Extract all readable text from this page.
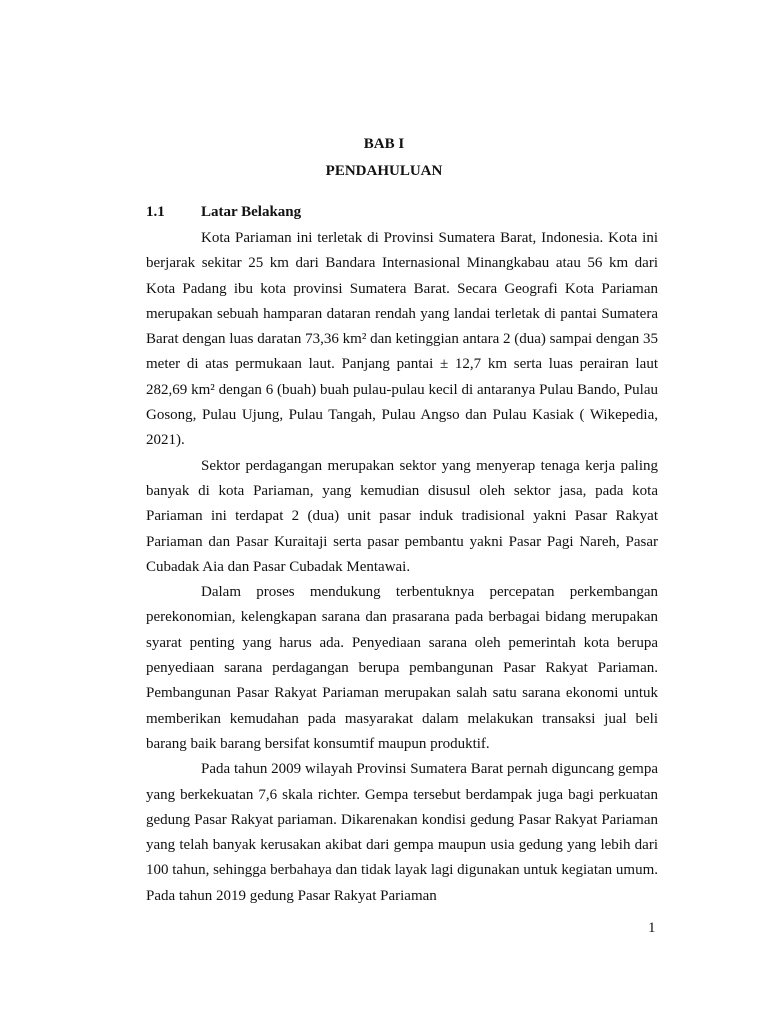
BAB I
PENDAHULUAN
1.1	Latar Belakang

Kota Pariaman ini terletak di Provinsi Sumatera Barat, Indonesia. Kota ini berjarak sekitar 25 km dari Bandara Internasional Minangkabau atau 56 km dari Kota Padang ibu kota provinsi Sumatera Barat. Secara Geografi Kota Pariaman merupakan sebuah hamparan dataran rendah yang landai terletak di pantai Sumatera Barat dengan luas daratan 73,36 km² dan ketinggian antara 2 (dua) sampai dengan 35 meter di atas permukaan laut. Panjang pantai ± 12,7 km serta luas perairan laut 282,69 km² dengan 6 (buah) buah pulau-pulau kecil di antaranya Pulau Bando, Pulau Gosong, Pulau Ujung, Pulau Tangah, Pulau Angso dan Pulau Kasiak ( Wikepedia, 2021).

Sektor perdagangan merupakan sektor yang menyerap tenaga kerja paling banyak di kota Pariaman, yang kemudian disusul oleh sektor jasa, pada kota Pariaman ini terdapat 2 (dua) unit pasar induk tradisional yakni Pasar Rakyat Pariaman dan Pasar Kuraitaji serta pasar pembantu yakni Pasar Pagi Nareh, Pasar Cubadak Aia dan Pasar Cubadak Mentawai.

Dalam proses mendukung terbentuknya percepatan perkembangan perekonomian, kelengkapan sarana dan prasarana pada berbagai bidang merupakan syarat penting yang harus ada. Penyediaan sarana oleh pemerintah kota berupa penyediaan sarana perdagangan berupa pembangunan Pasar Rakyat Pariaman. Pembangunan Pasar Rakyat Pariaman merupakan salah satu sarana ekonomi untuk memberikan kemudahan pada masyarakat dalam melakukan transaksi jual beli barang baik barang bersifat konsumtif maupun produktif.

Pada tahun 2009 wilayah Provinsi Sumatera Barat pernah diguncang gempa yang berkekuatan 7,6 skala richter. Gempa tersebut berdampak juga bagi perkuatan gedung Pasar Rakyat pariaman. Dikarenakan kondisi gedung Pasar Rakyat Pariaman yang telah banyak kerusakan akibat dari gempa maupun usia gedung yang lebih dari 100 tahun, sehingga berbahaya dan tidak layak lagi digunakan untuk kegiatan umum. Pada tahun 2019 gedung Pasar Rakyat Pariaman

1
